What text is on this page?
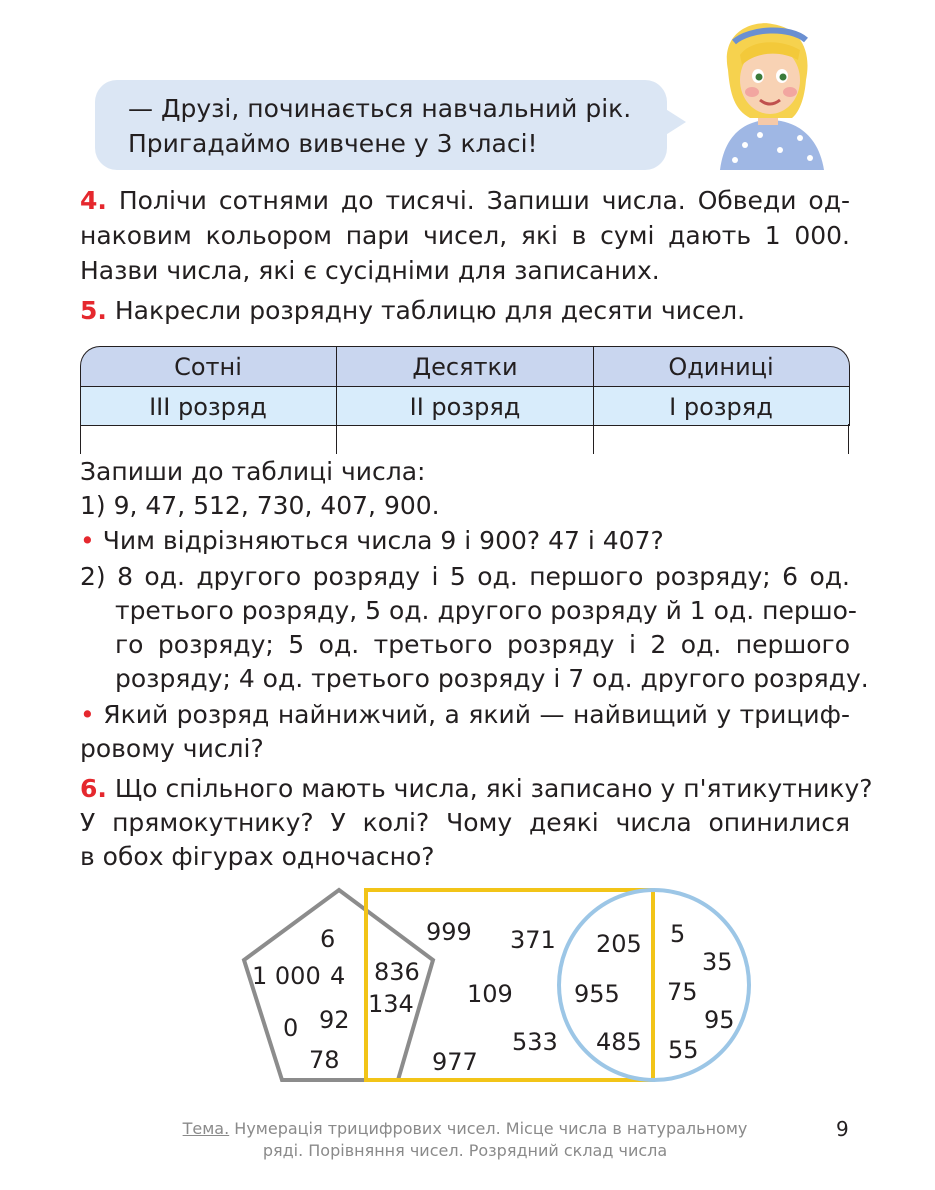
— Друзі, починається навчальний рік.
Пригадаймо вивчене у 3 класі!
4. Полічи сотнями до тисячі. Запиши числа. Обведи од-
наковим кольором пари чисел, які в сумі дають 1 000.
Назви числа, які є сусідніми для записаних.
5. Накресли розрядну таблицю для десяти чисел.
Сотні	Десятки	Одиниці
III розряд	II розряд	I розряд
Запиши до таблиці числа:
1) 9, 47, 512, 730, 407, 900.
• Чим відрізняються числа 9 і 900? 47 і 407?
2) 8 од. другого розряду і 5 од. першого розряду; 6 од.
третього розряду, 5 од. другого розряду й 1 од. першо-
го розряду; 5 од. третього розряду і 2 од. першого
розряду; 4 од. третього розряду і 7 од. другого розряду.
• Який розряд найнижчий, а який — найвищий у трициф-
ровому числі?
6. Що спільного мають числа, які записано у п'ятикутнику?
У прямокутнику? У колі? Чому деякі числа опинилися
в обох фігурах одночасно?
6
1 000 4
0 92
78
836
134
999 371
109
533
977
205
955
485
5
35
75
95
55
Тема. Нумерація трицифрових чисел. Місце числа в натуральному
ряді. Порівняння чисел. Розрядний склад числа
9
